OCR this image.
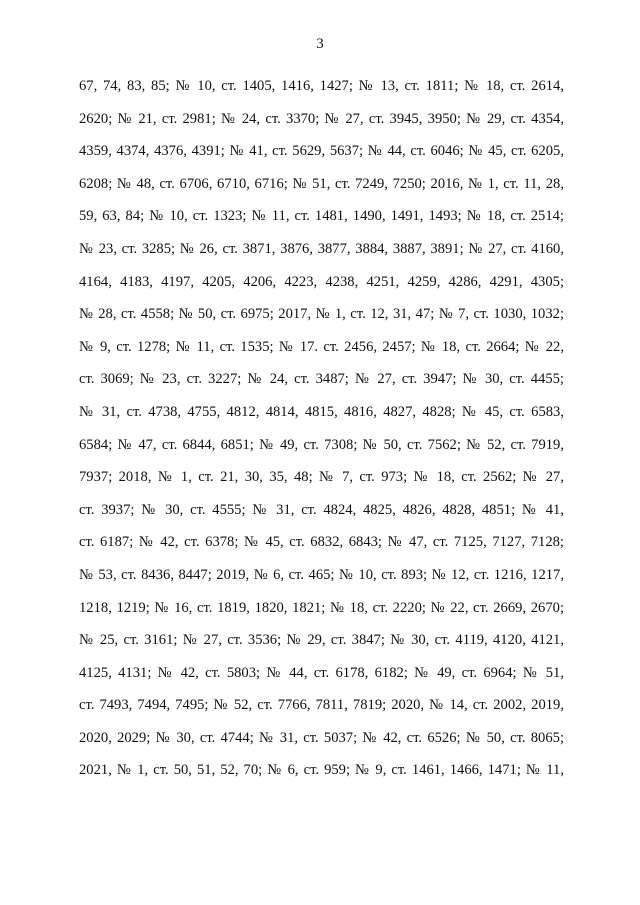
3
67, 74, 83, 85; № 10, ст. 1405, 1416, 1427; № 13, ст. 1811; № 18, ст. 2614,
2620; № 21, ст. 2981; № 24, ст. 3370; № 27, ст. 3945, 3950; № 29, ст. 4354,
4359, 4374, 4376, 4391; № 41, ст. 5629, 5637; № 44, ст. 6046; № 45, ст. 6205,
6208; № 48, ст. 6706, 6710, 6716; № 51, ст. 7249, 7250; 2016, № 1, ст. 11, 28,
59, 63, 84; № 10, ст. 1323; № 11, ст. 1481, 1490, 1491, 1493; № 18, ст. 2514;
№ 23, ст. 3285; № 26, ст. 3871, 3876, 3877, 3884, 3887, 3891; № 27, ст. 4160,
4164, 4183, 4197, 4205, 4206, 4223, 4238, 4251, 4259, 4286, 4291, 4305;
№ 28, ст. 4558; № 50, ст. 6975; 2017, № 1, ст. 12, 31, 47; № 7, ст. 1030, 1032;
№ 9, ст. 1278; № 11, ст. 1535; № 17. ст. 2456, 2457; № 18, ст. 2664; № 22,
ст. 3069; № 23, ст. 3227; № 24, ст. 3487; № 27, ст. 3947; № 30, ст. 4455;
№ 31, ст. 4738, 4755, 4812, 4814, 4815, 4816, 4827, 4828; № 45, ст. 6583,
6584; № 47, ст. 6844, 6851; № 49, ст. 7308; № 50, ст. 7562; № 52, ст. 7919,
7937; 2018, № 1, ст. 21, 30, 35, 48; № 7, ст. 973; № 18, ст. 2562; № 27,
ст. 3937; № 30, ст. 4555; № 31, ст. 4824, 4825, 4826, 4828, 4851; № 41,
ст. 6187; № 42, ст. 6378; № 45, ст. 6832, 6843; № 47, ст. 7125, 7127, 7128;
№ 53, ст. 8436, 8447; 2019, № 6, ст. 465; № 10, ст. 893; № 12, ст. 1216, 1217,
1218, 1219; № 16, ст. 1819, 1820, 1821; № 18, ст. 2220; № 22, ст. 2669, 2670;
№ 25, ст. 3161; № 27, ст. 3536; № 29, ст. 3847; № 30, ст. 4119, 4120, 4121,
4125, 4131; № 42, ст. 5803; № 44, ст. 6178, 6182; № 49, ст. 6964; № 51,
ст. 7493, 7494, 7495; № 52, ст. 7766, 7811, 7819; 2020, № 14, ст. 2002, 2019,
2020, 2029; № 30, ст. 4744; № 31, ст. 5037; № 42, ст. 6526; № 50, ст. 8065;
2021, № 1, ст. 50, 51, 52, 70; № 6, ст. 959; № 9, ст. 1461, 1466, 1471; № 11,
